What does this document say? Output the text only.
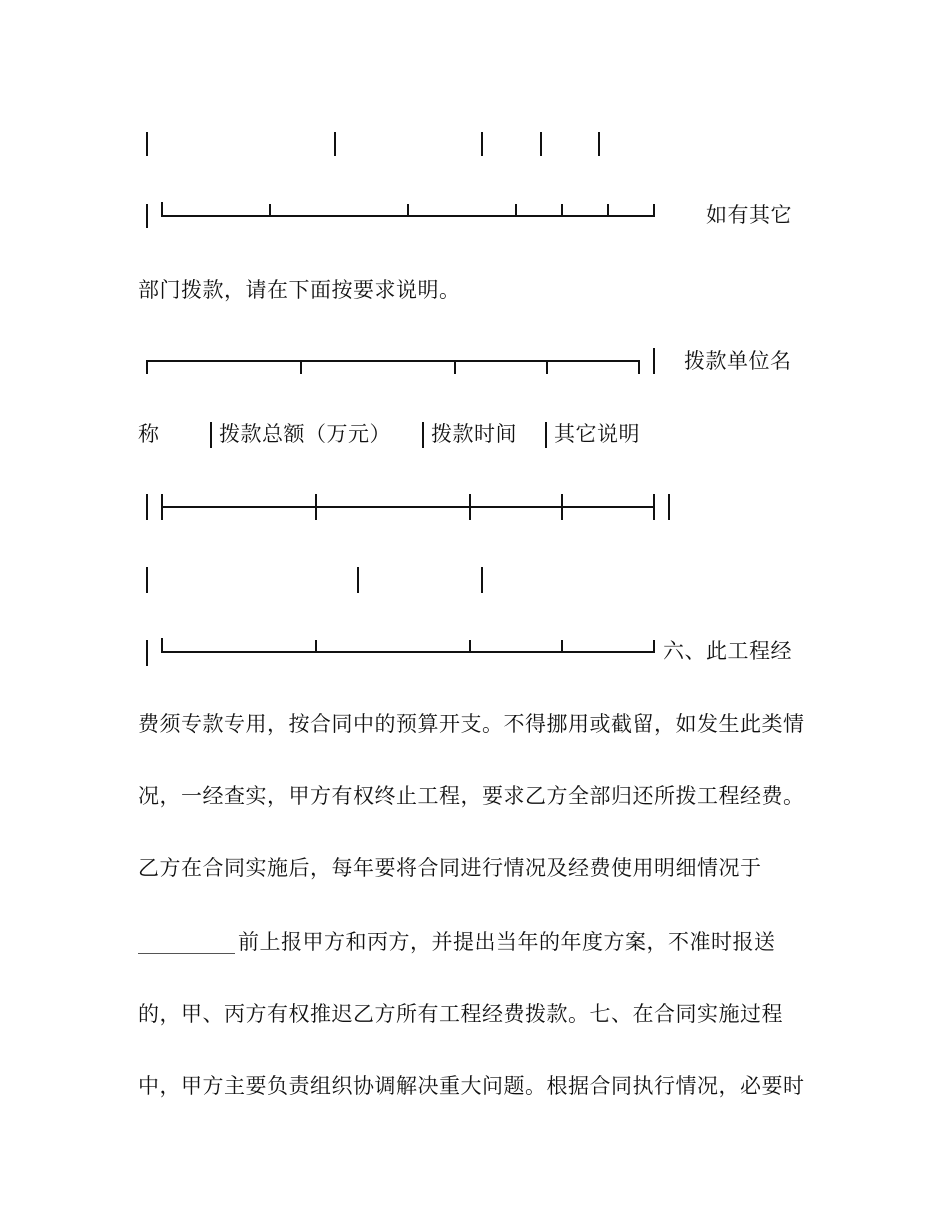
如有其它
部门拨款，请在下面按要求说明。
拨款单位名
称	拨款总额（万元） 拨款时间 其它说明
六、此工程经
费须专款专用，按合同中的预算开支。不得挪用或截留，如发生此类情
况，一经查实，甲方有权终止工程，要求乙方全部归还所拨工程经费。
乙方在合同实施后，每年要将合同进行情况及经费使用明细情况于
前上报甲方和丙方，并提出当年的年度方案，不准时报送
的，甲、丙方有权推迟乙方所有工程经费拨款。七、在合同实施过程
中，甲方主要负责组织协调解决重大问题。根据合同执行情况，必要时
